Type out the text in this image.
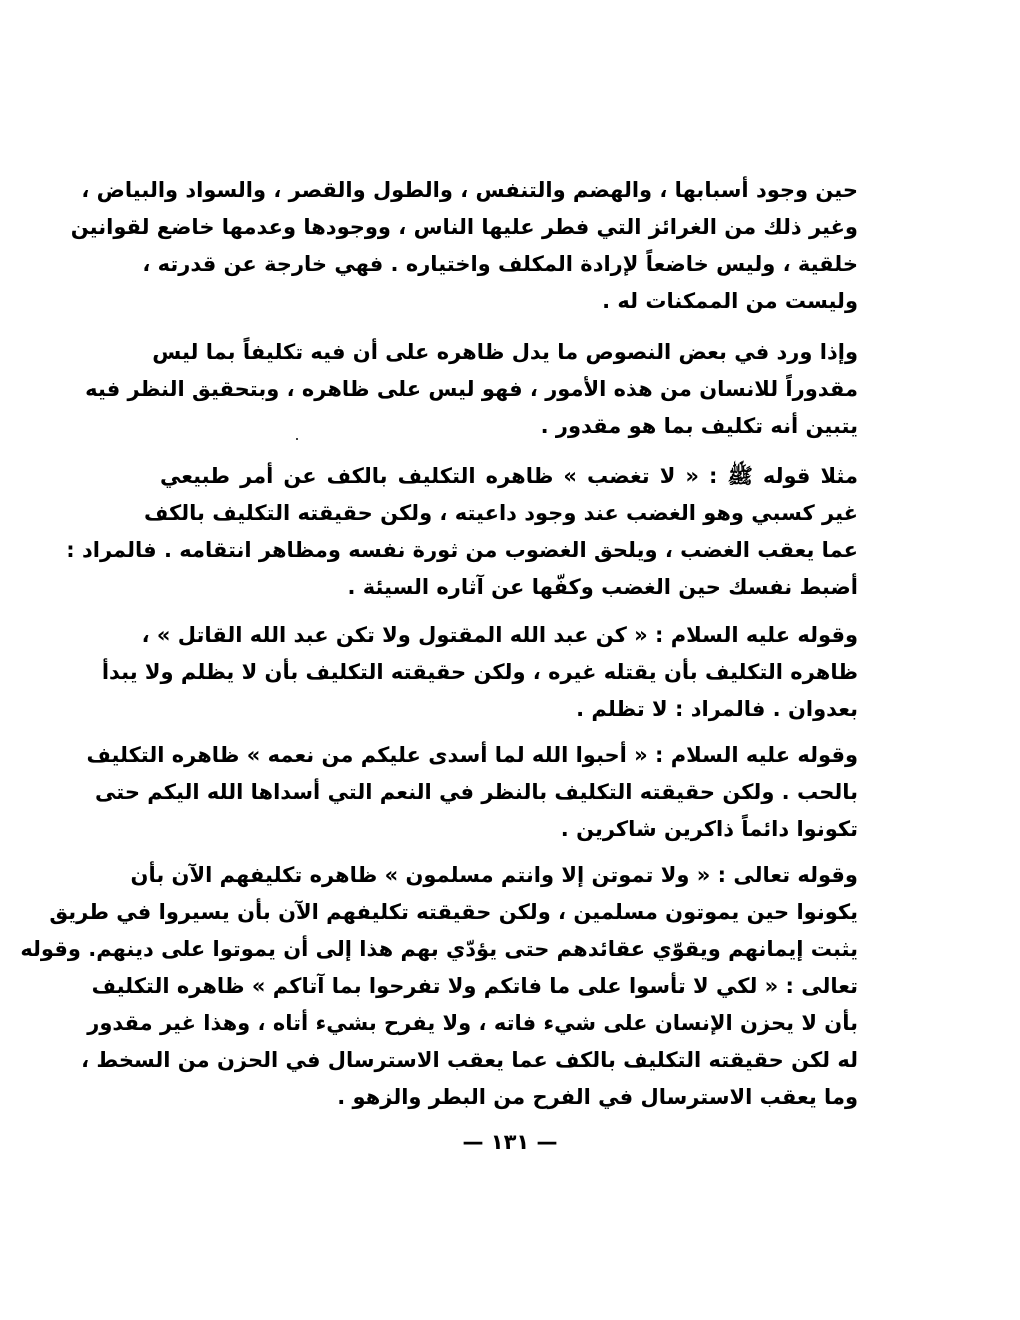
حين وجود أسبابها ، والهضم والتنفس ، والطول والقصر ، والسواد والبياض ،
وغير ذلك من الغرائز التي فطر عليها الناس ، ووجودها وعدمها خاضع لقوانين
خلقية ، وليس خاضعاً لإرادة المكلف واختياره . فهي خارجة عن قدرته ،
وليست من الممكنات له .
وإذا ورد في بعض النصوص ما يدل ظاهره على أن فيه تكليفاً بما ليس
مقدوراً للانسان من هذه الأمور ، فهو ليس على ظاهره ، وبتحقيق النظر فيه
يتبين أنه تكليف بما هو مقدور .
مثلا قوله ﷺ : « لا تغضب » ظاهره التكليف بالكف عن أمر طبيعي
غير كسبي وهو الغضب عند وجود داعيته ، ولكن حقيقته التكليف بالكف
عما يعقب الغضب ، ويلحق الغضوب من ثورة نفسه ومظاهر انتقامه . فالمراد :
أضبط نفسك حين الغضب وكفّها عن آثاره السيئة .
وقوله عليه السلام : « كن عبد الله المقتول ولا تكن عبد الله القاتل » ،
ظاهره التكليف بأن يقتله غيره ، ولكن حقيقته التكليف بأن لا يظلم ولا يبدأ
بعدوان . فالمراد : لا تظلم .
وقوله عليه السلام : « أحبوا الله لما أسدى عليكم من نعمه » ظاهره التكليف
بالحب . ولكن حقيقته التكليف بالنظر في النعم التي أسداها الله اليكم حتى
تكونوا دائماً ذاكرين شاكرين .
وقوله تعالى : « ولا تموتن إلا وانتم مسلمون » ظاهره تكليفهم الآن بأن
يكونوا حين يموتون مسلمين ، ولكن حقيقته تكليفهم الآن بأن يسيروا في طريق
يثبت إيمانهم ويقوّي عقائدهم حتى يؤدّي بهم هذا إلى أن يموتوا على دينهم. وقوله
تعالى : « لكي لا تأسوا على ما فاتكم ولا تفرحوا بما آتاكم » ظاهره التكليف
بأن لا يحزن الإنسان على شيء فاته ، ولا يفرح بشيء أتاه ، وهذا غير مقدور
له لكن حقيقته التكليف بالكف عما يعقب الاسترسال في الحزن من السخط ،
وما يعقب الاسترسال في الفرح من البطر والزهو .
— ١٣١ —
